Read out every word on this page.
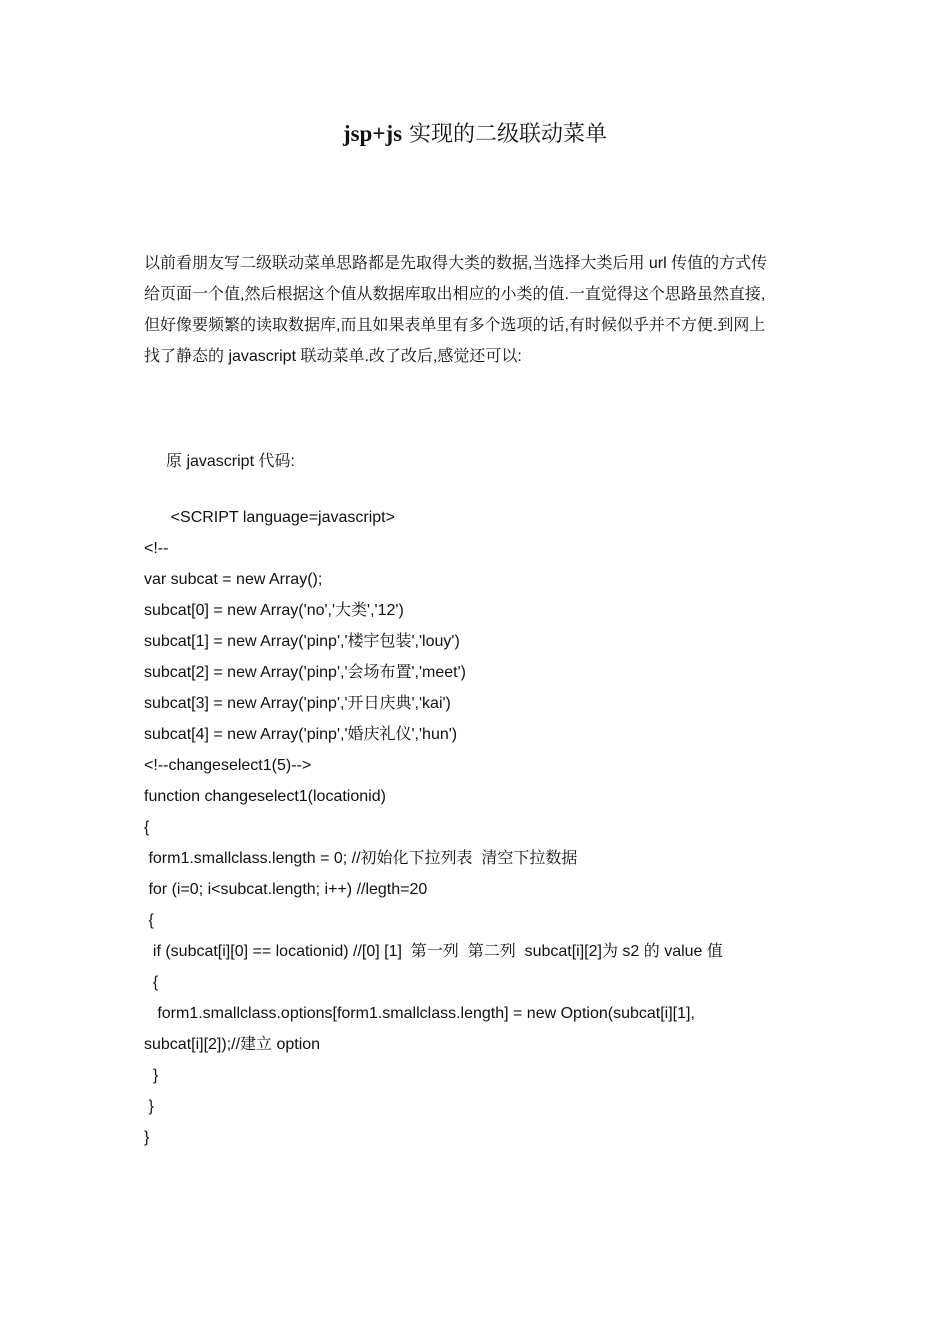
jsp+js 实现的二级联动菜单
以前看朋友写二级联动菜单思路都是先取得大类的数据,当选择大类后用 url 传值的方式传
给页面一个值,然后根据这个值从数据库取出相应的小类的值.一直觉得这个思路虽然直接,
但好像要频繁的读取数据库,而且如果表单里有多个选项的话,有时候似乎并不方便.到网上
找了静态的 javascript 联动菜单.改了改后,感觉还可以:
原 javascript 代码:
<SCRIPT language=javascript>
<!--
var subcat = new Array();
subcat[0] = new Array('no','大类','12')
subcat[1] = new Array('pinp','楼宇包装','louy')
subcat[2] = new Array('pinp','会场布置','meet')
subcat[3] = new Array('pinp','开日庆典','kai')
subcat[4] = new Array('pinp','婚庆礼仪','hun')
<!--changeselect1(5)-->
function changeselect1(locationid)
{
form1.smallclass.length = 0; //初始化下拉列表  清空下拉数据
for (i=0; i<subcat.length; i++) //legth=20
{
if (subcat[i][0] == locationid) //[0] [1]  第一列  第二列  subcat[i][2]为 s2 的 value 值
{
form1.smallclass.options[form1.smallclass.length] = new Option(subcat[i][1],
subcat[i][2]);//建立 option
}
}
}
